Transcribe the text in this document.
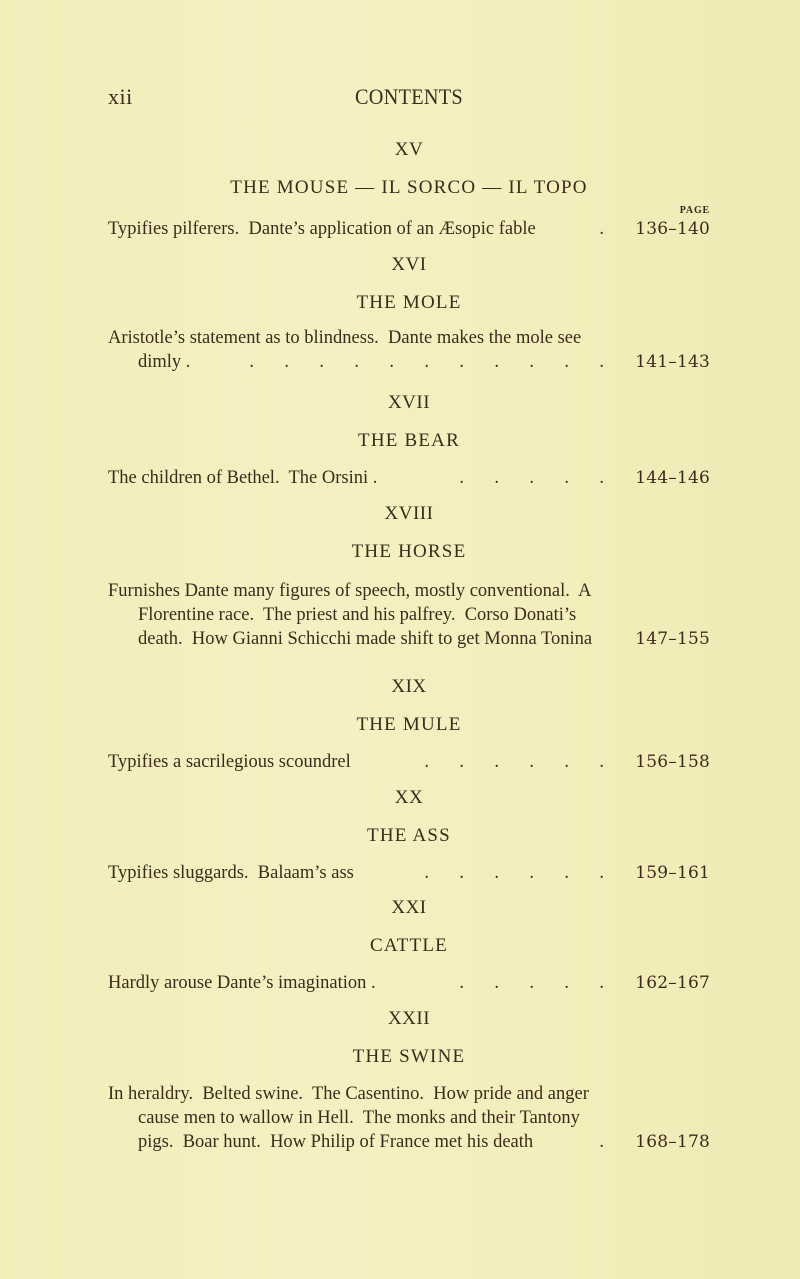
xii	CONTENTS
XV
THE MOUSE — IL SORCO — IL TOPO
PAGE
Typifies pilferers.  Dante’s application of an Æsopic fable	.	136–140
XVI
THE MOLE
Aristotle’s statement as to blindness.  Dante makes the mole see
dimly .	. . . . . . . . . . .	141–143
XVII
THE BEAR
The children of Bethel.  The Orsini .	. . . . .	144–146
XVIII
THE HORSE
Furnishes Dante many figures of speech, mostly conventional.  A
Florentine race.  The priest and his palfrey.  Corso Donati’s
death.  How Gianni Schicchi made shift to get Monna Tonina	147–155
XIX
THE MULE
Typifies a sacrilegious scoundrel	. . . . . .	156–158
XX
THE ASS
Typifies sluggards.  Balaam’s ass	. . . . . .	159–161
XXI
CATTLE
Hardly arouse Dante’s imagination .	. . . . .	162–167
XXII
THE SWINE
In heraldry.  Belted swine.  The Casentino.  How pride and anger
cause men to wallow in Hell.  The monks and their Tantony
pigs.  Boar hunt.  How Philip of France met his death	.	168–178
